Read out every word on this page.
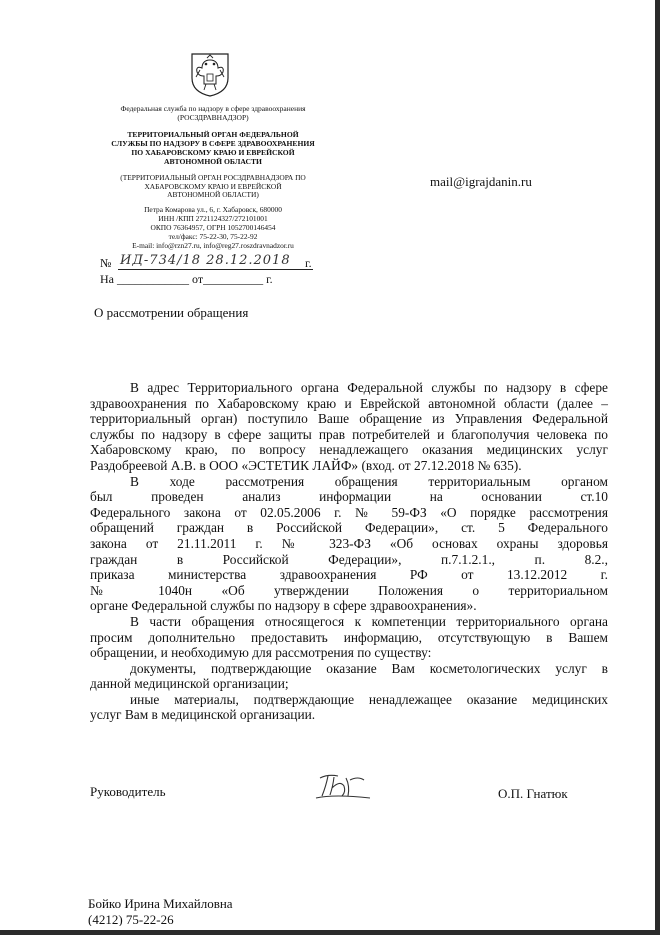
Федеральная служба по надзору в сфере здравоохранения
(РОСЗДРАВНАДЗОР)
ТЕРРИТОРИАЛЬНЫЙ ОРГАН ФЕДЕРАЛЬНОЙ
СЛУЖБЫ ПО НАДЗОРУ В СФЕРЕ ЗДРАВООХРАНЕНИЯ
ПО ХАБАРОВСКОМУ КРАЮ И ЕВРЕЙСКОЙ
АВТОНОМНОЙ ОБЛАСТИ
(ТЕРРИТОРИАЛЬНЫЙ ОРГАН РОСЗДРАВНАДЗОРА ПО
ХАБАРОВСКОМУ КРАЮ И ЕВРЕЙСКОЙ
АВТОНОМНОЙ ОБЛАСТИ)
Петра Комарова ул., 6, г. Хабаровск, 680000
ИНН /КПП 2721124327/272101001
ОКПО 76364957, ОГРН 1052700146454
тел/факс: 75-22-30, 75-22-92
E-mail: info@rzn27.ru, info@reg27.roszdravnadzor.ru
№ ИД-734/18 28.12.2018 г.
На ____________ от__________ г.
mail@igrajdanin.ru
О рассмотрении обращения

В адрес Территориального органа Федеральной службы по надзору в сфере

здравоохранения по Хабаровскому краю и Еврейской автономной области (далее –

территориальный орган) поступило Ваше обращение из Управления Федеральной

службы по надзору в сфере защиты прав потребителей и благополучия человека по

Хабаровскому краю, по вопросу ненадлежащего оказания медицинских услуг

Раздобреевой А.В. в ООО «ЭСТЕТИК ЛАЙФ» (вход. от 27.12.2018 № 635).

В ходе рассмотрения обращения территориальным органом

был проведен анализ информации на основании ст.10

Федерального закона от 02.05.2006 г. № 59-ФЗ «О порядке рассмотрения

обращений граждан в Российской Федерации», ст. 5 Федерального

закона от 21.11.2011 г. № 323-ФЗ «Об основах охраны здоровья

граждан в Российской Федерации», п.7.1.2.1., п. 8.2.,

приказа министерства здравоохранения РФ от 13.12.2012 г.

№ 1040н «Об утверждении Положения о территориальном

органе Федеральной службы по надзору в сфере здравоохранения».

В части обращения относящегося к компетенции территориального органа

просим дополнительно предоставить информацию, отсутствующую в Вашем

обращении, и необходимую для рассмотрения по существу:

документы, подтверждающие оказание Вам косметологических услуг в

данной медицинской организации;

иные материалы, подтверждающие ненадлежащее оказание медицинских

услуг Вам в медицинской организации.

Руководитель	О.П. Гнатюк
Бойко Ирина Михайловна
(4212) 75-22-26
